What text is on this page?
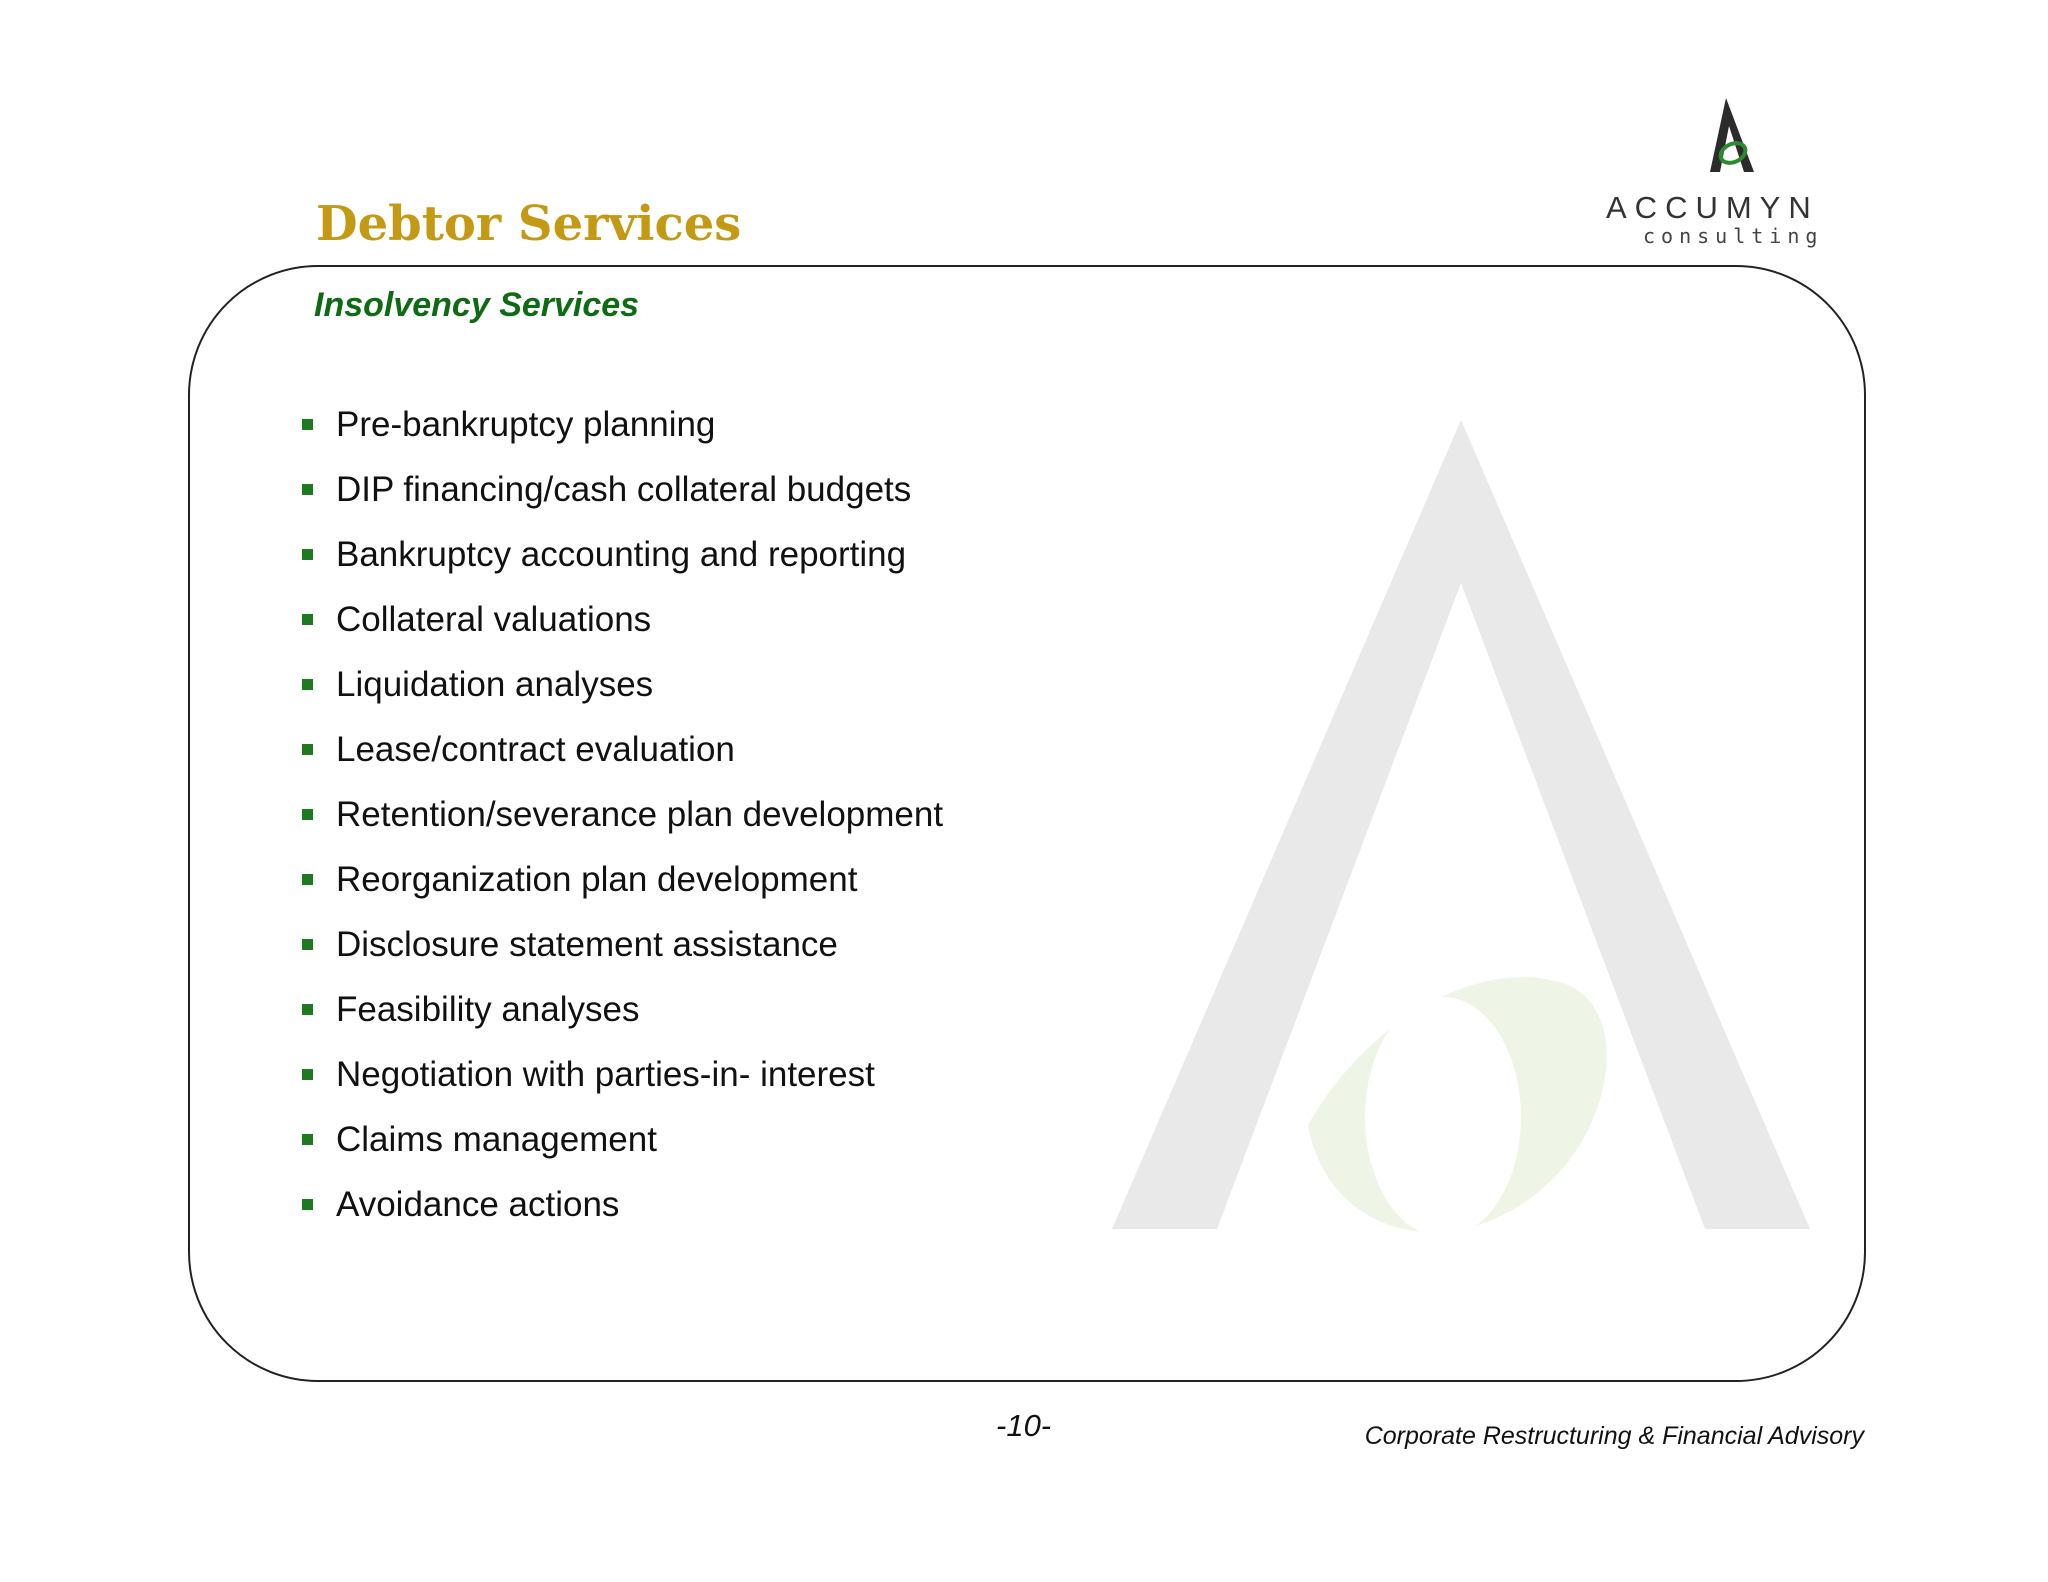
Debtor Services	ACCUMYN
consulting
Insolvency Services
Pre-bankruptcy planning
DIP financing/cash collateral budgets
Bankruptcy accounting and reporting
Collateral valuations
Liquidation analyses
Lease/contract evaluation
Retention/severance plan development
Reorganization plan development
Disclosure statement assistance
Feasibility analyses
Negotiation with parties-in- interest
Claims management
Avoidance actions
-10-	Corporate Restructuring & Financial Advisory
